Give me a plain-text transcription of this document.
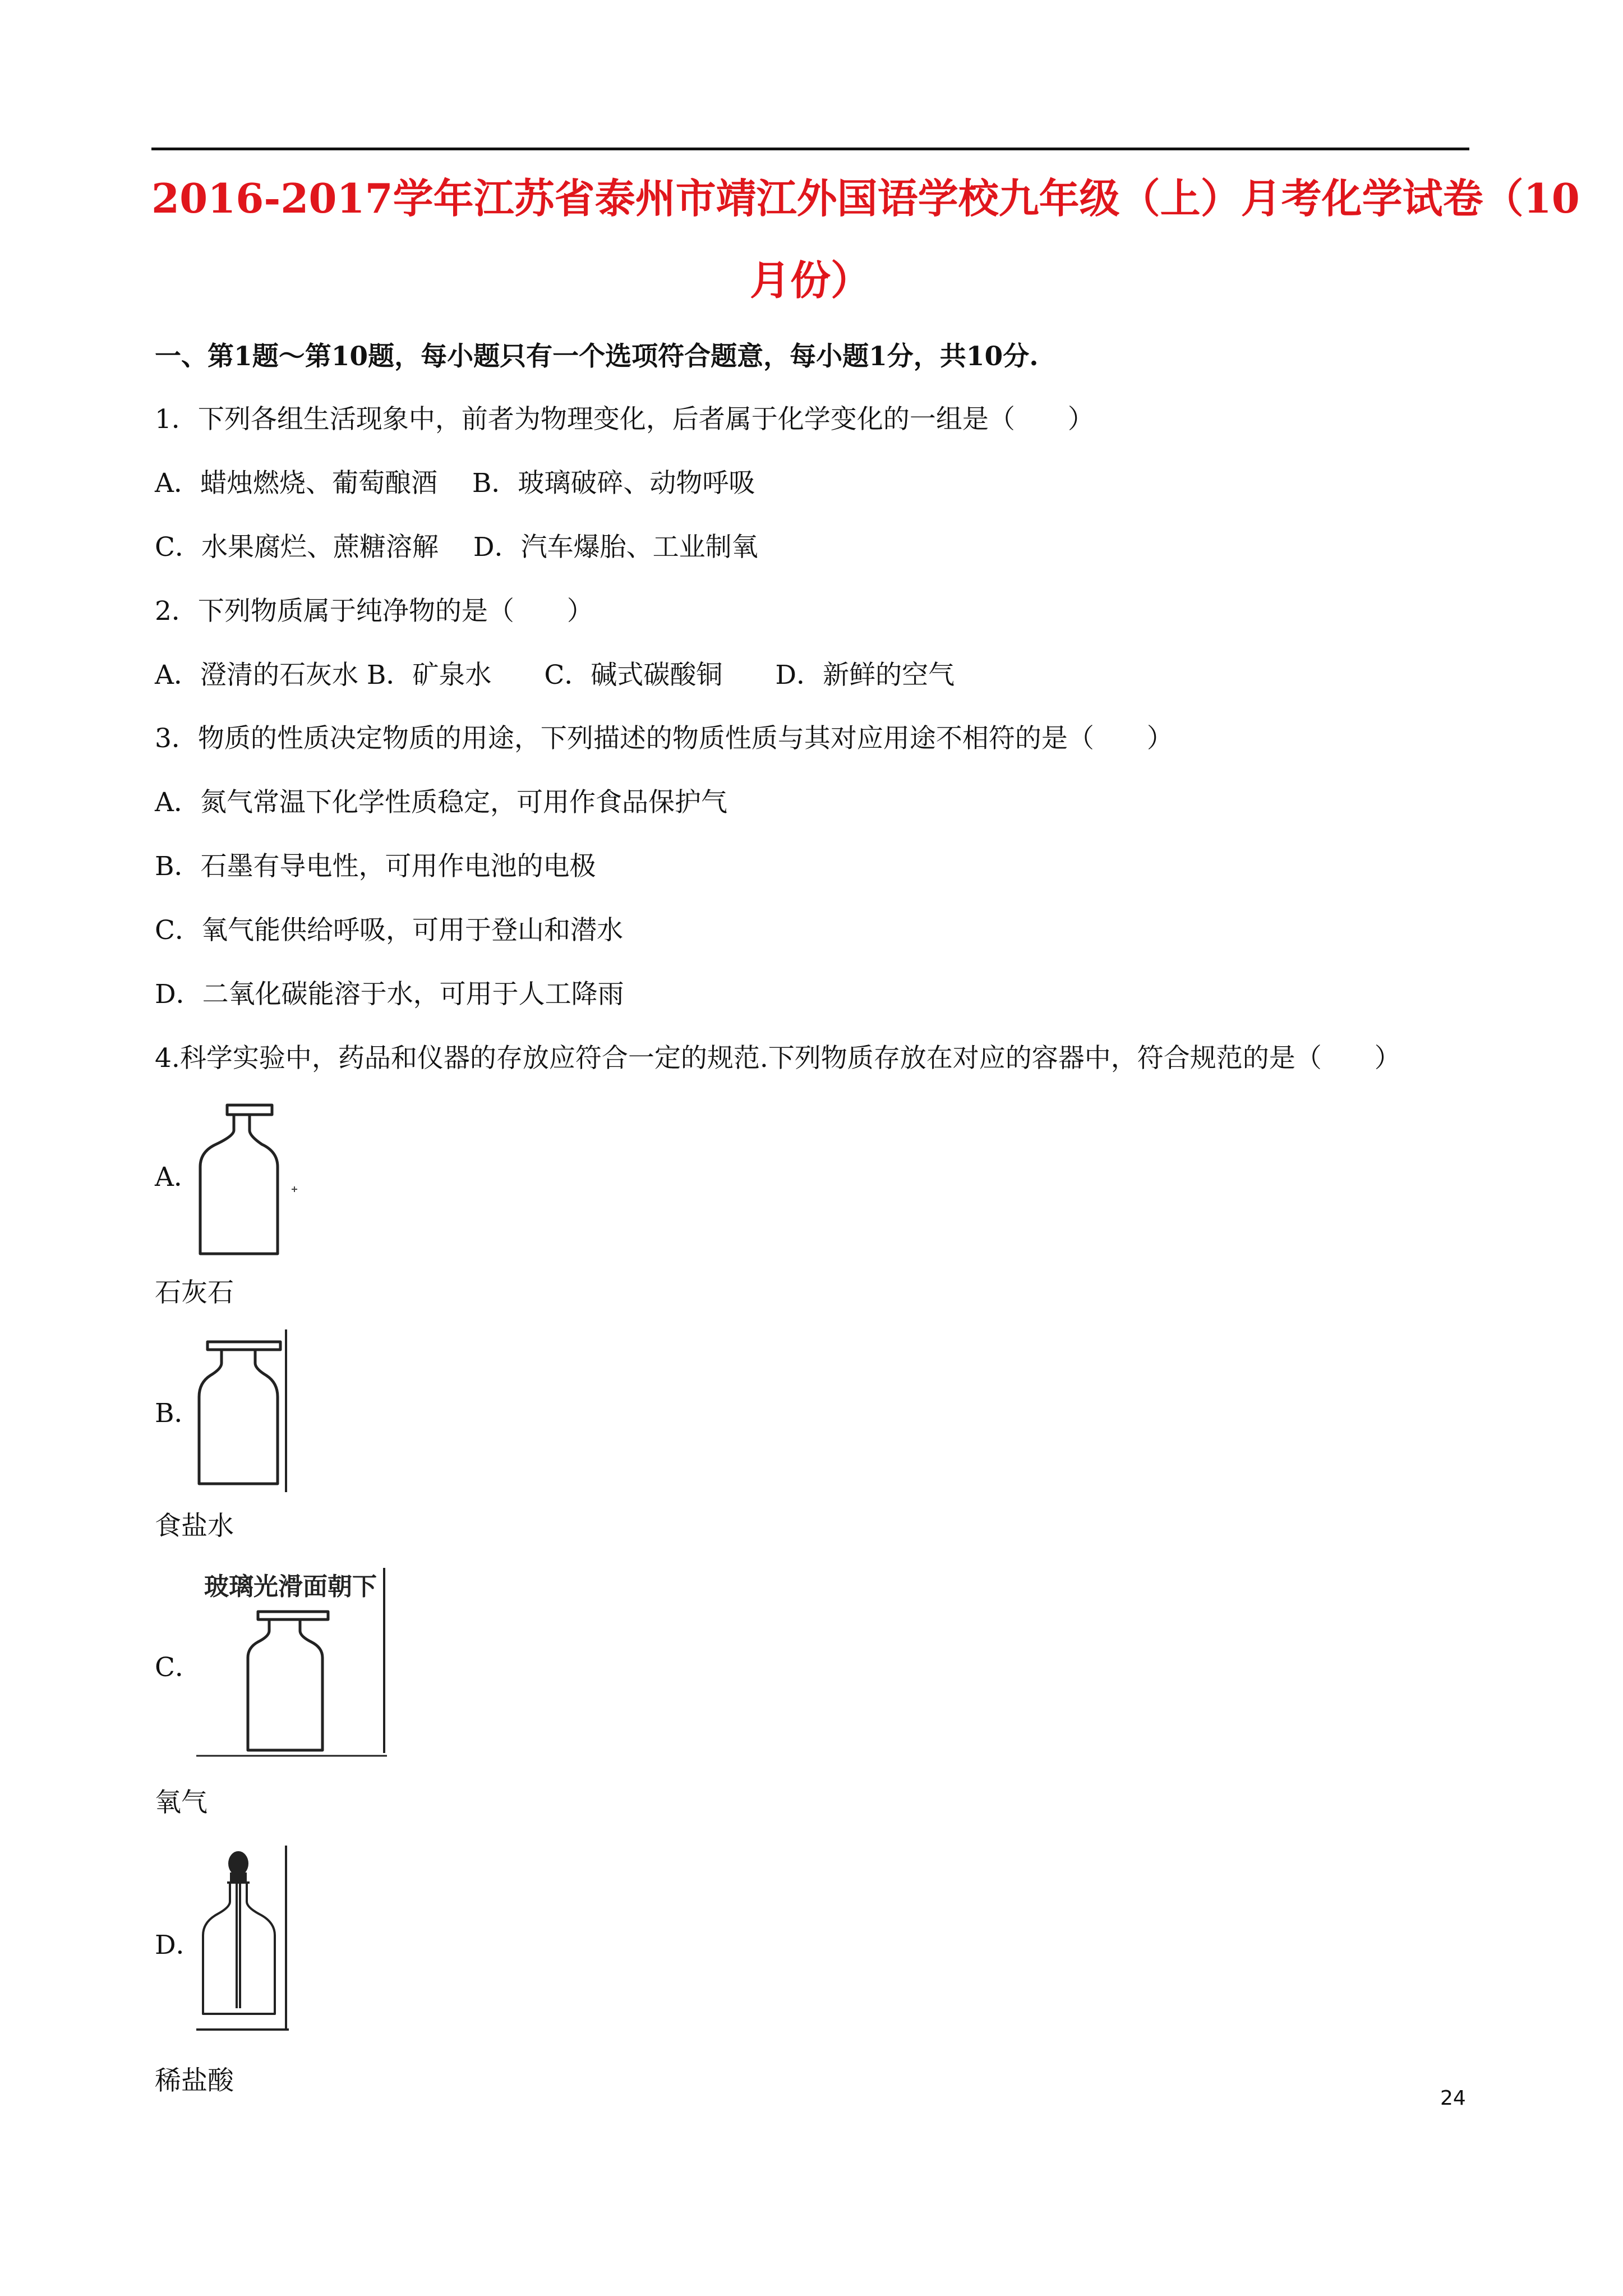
2016-2017学年江苏省泰州市靖江外国语学校九年级（上）月考化学试卷（10
月份）
一、第1题～第10题，每小题只有一个选项符合题意，每小题1分，共10分.
1．下列各组生活现象中，前者为物理变化，后者属于化学变化的一组是（　　）
A．蜡烛燃烧、葡萄酿酒　 B．玻璃破碎、动物呼吸
C．水果腐烂、蔗糖溶解　 D．汽车爆胎、工业制氧
2．下列物质属于纯净物的是（　　）
A．澄清的石灰水 B．矿泉水　　C．碱式碳酸铜　　D．新鲜的空气
3．物质的性质决定物质的用途，下列描述的物质性质与其对应用途不相符的是（　　）
A．氮气常温下化学性质稳定，可用作食品保护气
B．石墨有导电性，可用作电池的电极
C．氧气能供给呼吸，可用于登山和潜水
D．二氧化碳能溶于水，可用于人工降雨
4.科学实验中，药品和仪器的存放应符合一定的规范.下列物质存放在对应的容器中，符合规范的是（　　）
A．
石灰石
B．
食盐水
C．
玻璃光滑面朝下
氧气
D．
稀盐酸
24
